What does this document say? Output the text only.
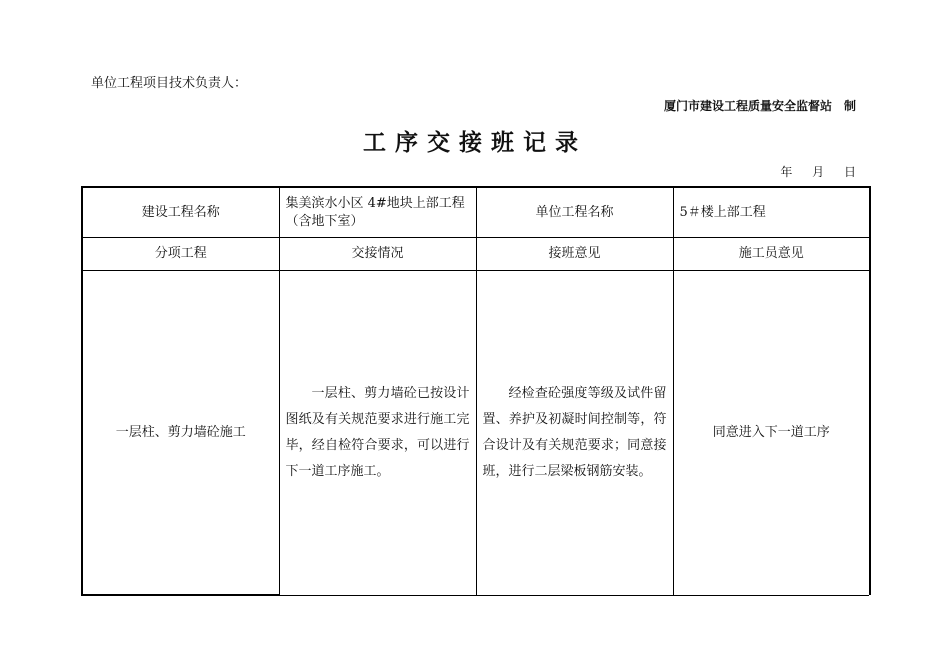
单位工程项目技术负责人：
厦门市建设工程质量安全监督站　制
工序交接班记录
年 月 日
建设工程名称	集美滨水小区 4#地块上部工程（含地下室）	单位工程名称	5＃楼上部工程
分项工程	交接情况	接班意见	施工员意见
一层柱、剪力墙砼施工	一层柱、剪力墙砼已按设计图纸及有关规范要求进行施工完毕，经自检符合要求，可以进行下一道工序施工。	经检查砼强度等级及试件留置、养护及初凝时间控制等，符合设计及有关规范要求；同意接班，进行二层梁板钢筋安装。	同意进入下一道工序
